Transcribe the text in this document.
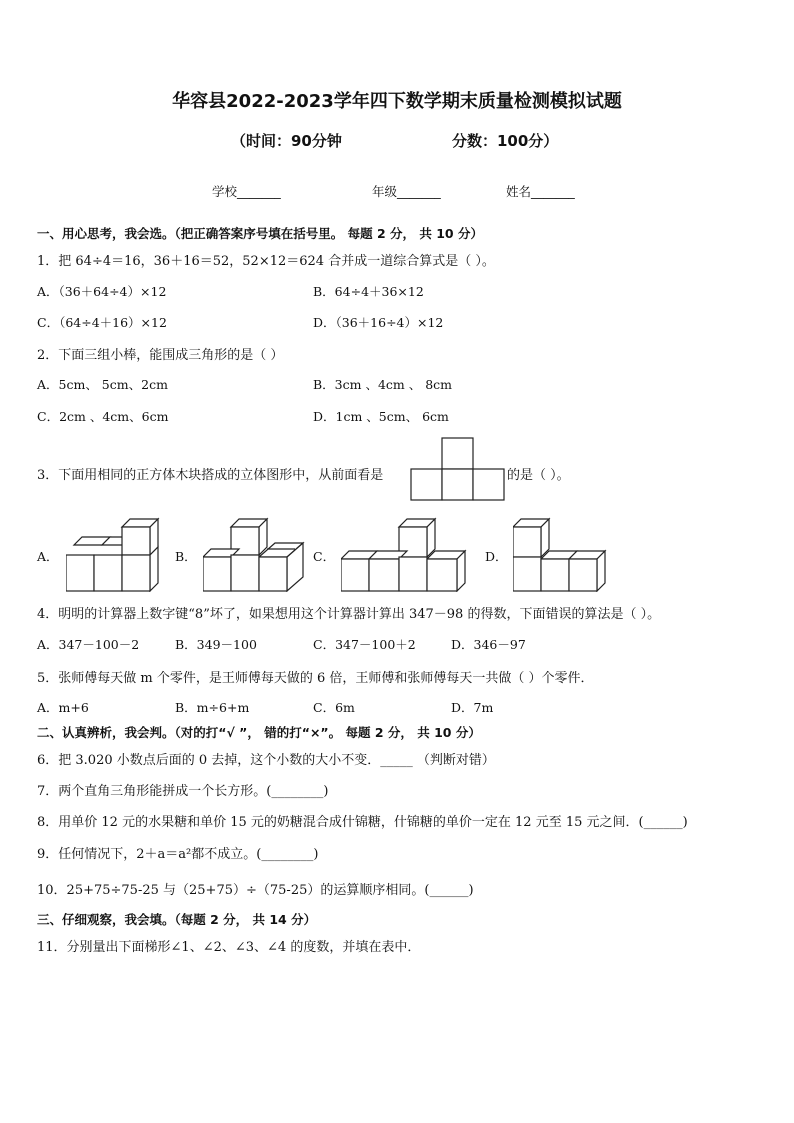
华容县2022-2023学年四下数学期末质量检测模拟试题
（时间：90分钟	分数：100分）
学校_______	年级_______	姓名_______
一、用心思考，我会选。（把正确答案序号填在括号里。 每题 2 分， 共 10 分）
1．把 64÷4＝16，36＋16＝52，52×12＝624 合并成一道综合算式是（ ）。
A．（36＋64÷4）×12	B．64÷4＋36×12
C．（64÷4＋16）×12	D．（36＋16÷4）×12
2．下面三组小棒，能围成三角形的是（ ）
A．5cm、 5cm、2cm	B．3cm 、4cm 、 8cm
C．2cm 、4cm、6cm	D．1cm 、5cm、 6cm
3．下面用相同的正方体木块搭成的立体图形中，从前面看是	的是（ ）。
A．	B．	C．	D．
4．明明的计算器上数字键“8”坏了，如果想用这个计算器计算出 347－98 的得数，下面错误的算法是（ ）。
A．347－100－2	B．349－100	C．347－100＋2	D．346－97
5．张师傅每天做 m 个零件，是王师傅每天做的 6 倍，王师傅和张师傅每天一共做（ ）个零件．
A．m+6	B．m÷6+m	C．6m	D．7m
二、认真辨析，我会判。（对的打“√ ”， 错的打“×”。 每题 2 分， 共 10 分）
6．把 3.020 小数点后面的 0 去掉，这个小数的大小不变．_____ （判断对错）
7．两个直角三角形能拼成一个长方形。(________)
8．用单价 12 元的水果糖和单价 15 元的奶糖混合成什锦糖，什锦糖的单价一定在 12 元至 15 元之间．(______)
9．任何情况下，2＋a＝a²都不成立。(________)
10．25+75÷75-25 与（25+75）÷（75-25）的运算顺序相同。(______)
三、仔细观察，我会填。（每题 2 分， 共 14 分）
11．分别量出下面梯形∠1、∠2、∠3、∠4 的度数，并填在表中．
